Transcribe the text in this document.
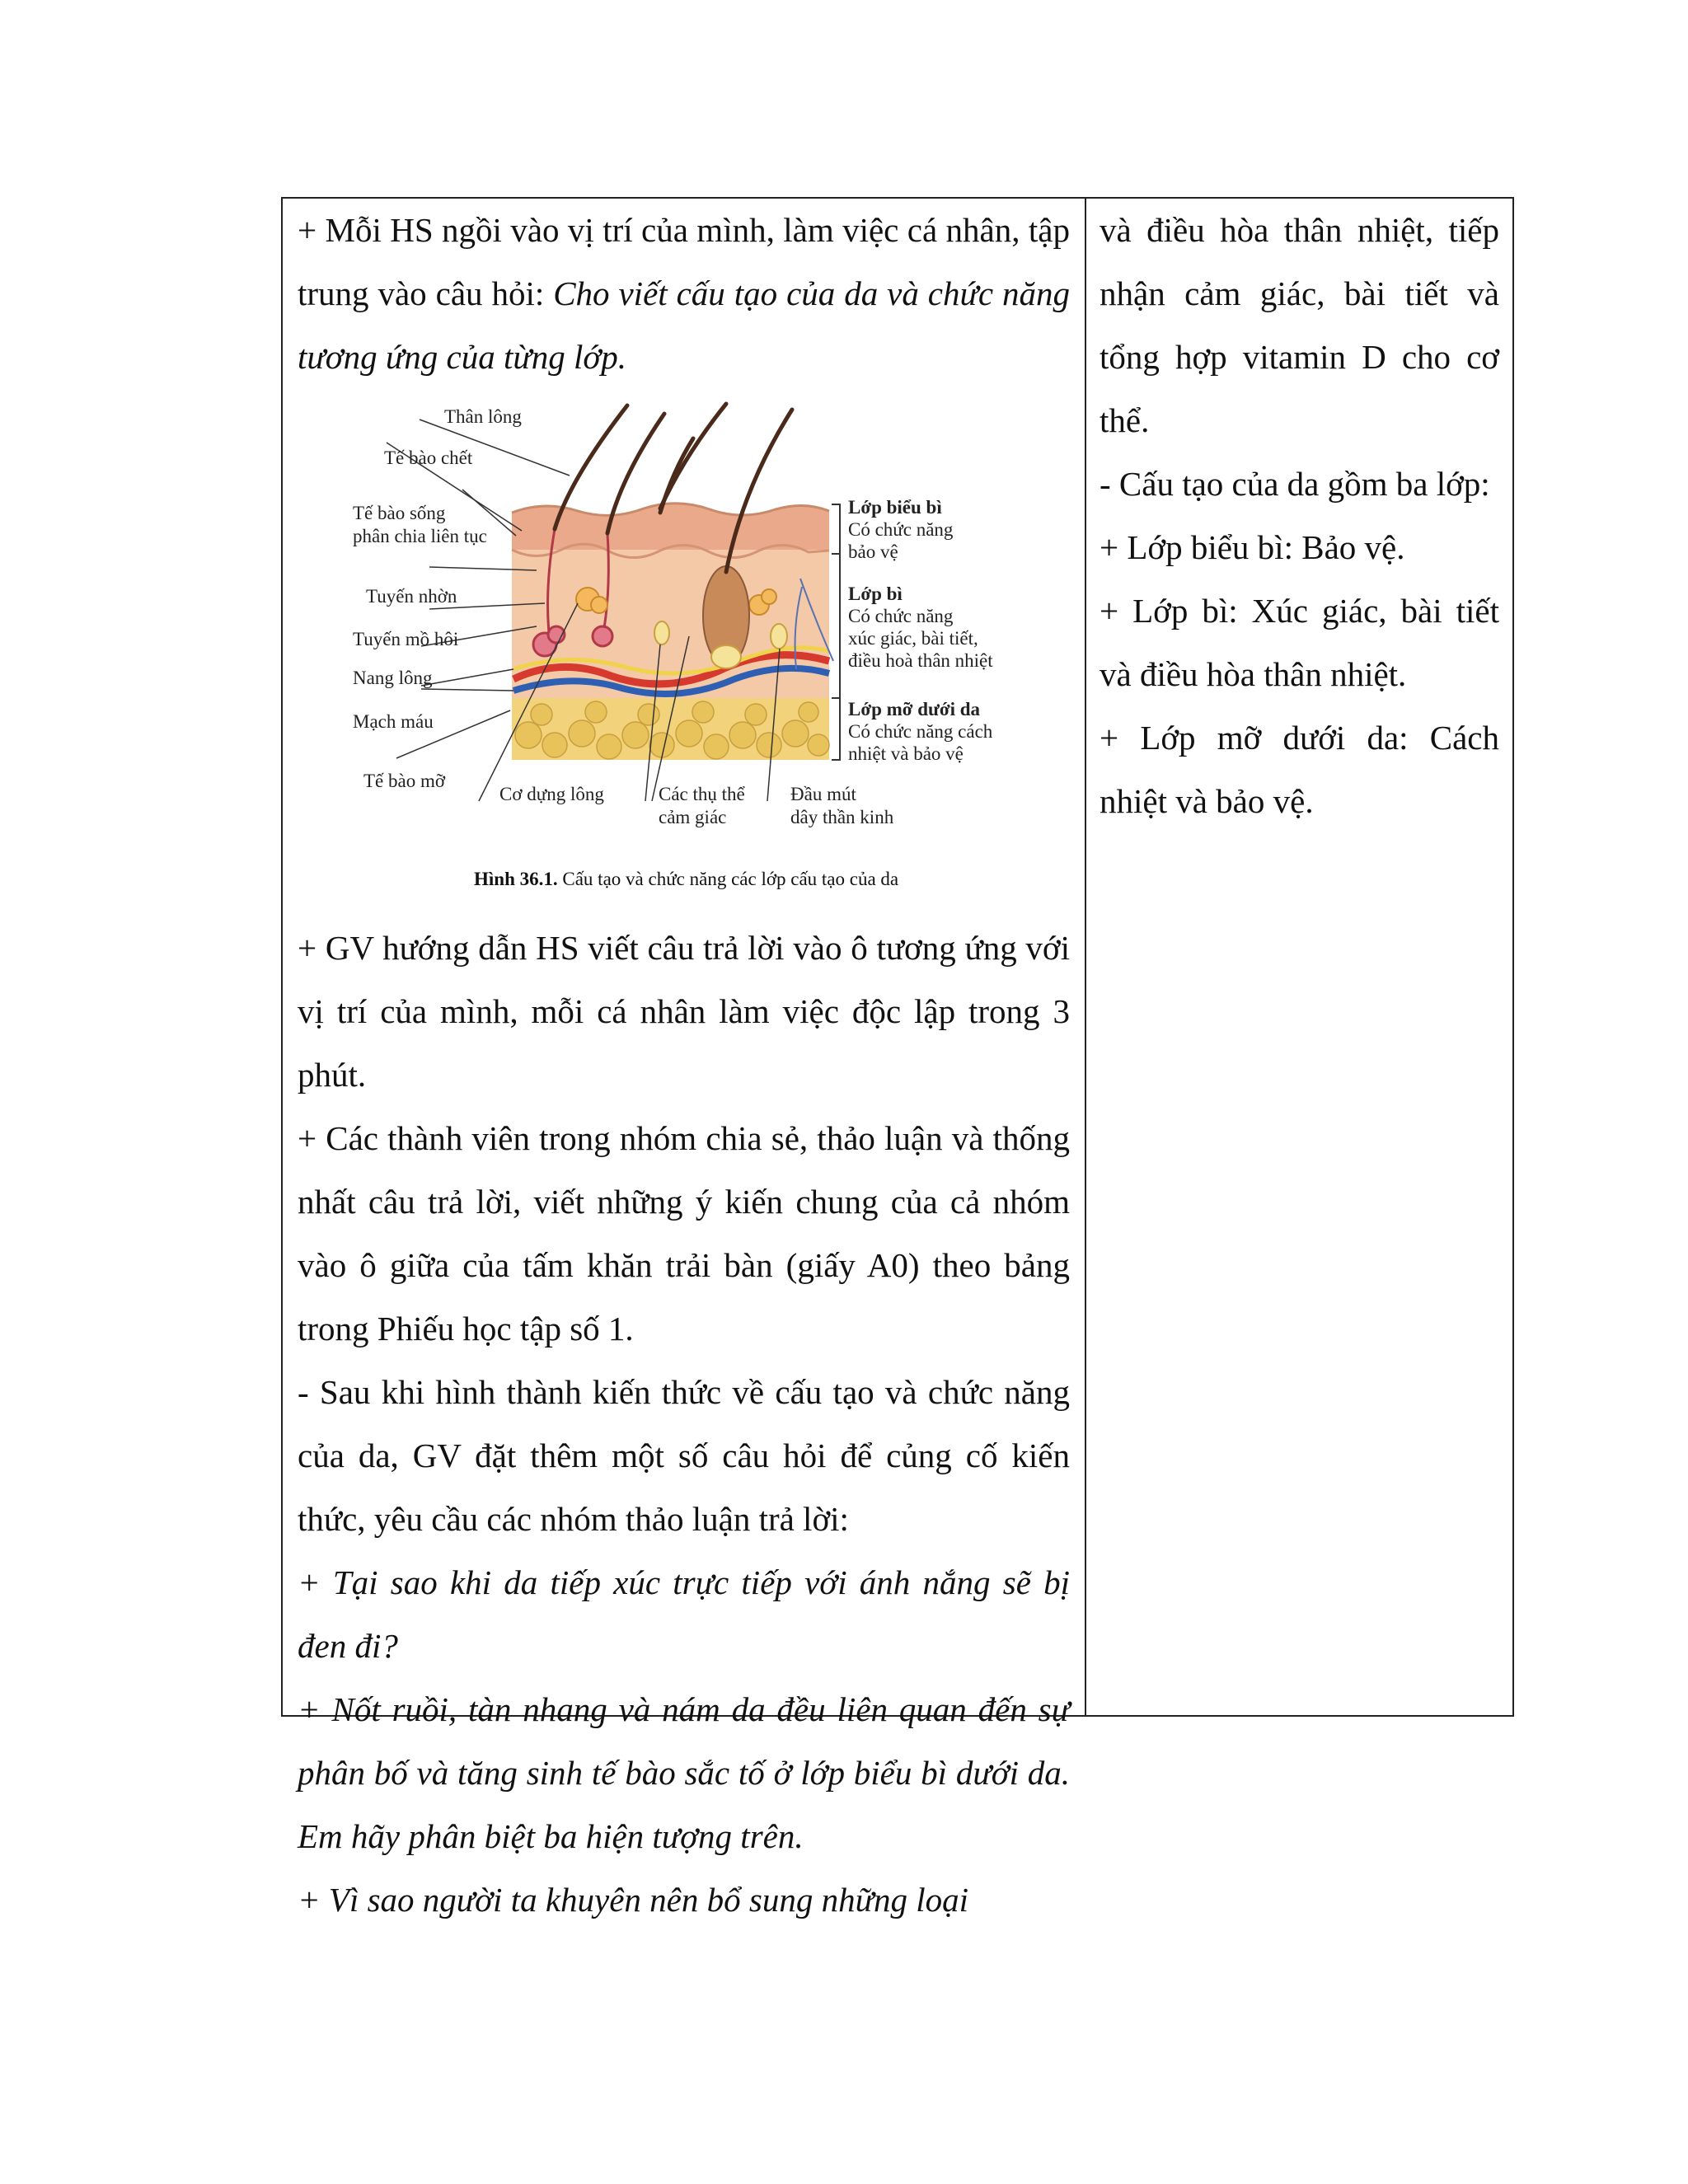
+ Mỗi HS ngồi vào vị trí của mình, làm việc cá nhân, tập trung vào câu hỏi: Cho viết cấu tạo của da và chức năng tương ứng của từng lớp.

Thân lông
Tế bào chết
Tế bào sống
phân chia liên tục
Tuyến nhờn
Tuyến mồ hôi
Nang lông
Mạch máu
Tế bào mỡ
Cơ dựng lông	Các thụ thể
cảm giác
Đầu mút
dây thần kinh
Lớp biểu bì
Có chức năng
bảo vệ
Lớp bì
Có chức năng
xúc giác, bài tiết,
điều hoà thân nhiệt
Lớp mỡ dưới da
Có chức năng cách
nhiệt và bảo vệ
Hình 36.1. Cấu tạo và chức năng các lớp cấu tạo của da

+ GV hướng dẫn HS viết câu trả lời vào ô tương ứng với vị trí của mình, mỗi cá nhân làm việc độc lập trong 3 phút.

+ Các thành viên trong nhóm chia sẻ, thảo luận và thống nhất câu trả lời, viết những ý kiến chung của cả nhóm vào ô giữa của tấm khăn trải bàn (giấy A0) theo bảng trong Phiếu học tập số 1.

- Sau khi hình thành kiến thức về cấu tạo và chức năng của da, GV đặt thêm một số câu hỏi để củng cố kiến thức, yêu cầu các nhóm thảo luận trả lời:

+ Tại sao khi da tiếp xúc trực tiếp với ánh nắng sẽ bị đen đi?

+ Nốt ruồi, tàn nhang và nám da đều liên quan đến sự phân bố và tăng sinh tế bào sắc tố ở lớp biểu bì dưới da. Em hãy phân biệt ba hiện tượng trên.

+ Vì sao người ta khuyên nên bổ sung những loại

và điều hòa thân nhiệt, tiếp nhận cảm giác, bài tiết và tổng hợp vitamin D cho cơ thể.

- Cấu tạo của da gồm ba lớp:

+ Lớp biểu bì: Bảo vệ.

+ Lớp bì: Xúc giác, bài tiết và điều hòa thân nhiệt.

+ Lớp mỡ dưới da: Cách nhiệt và bảo vệ.
